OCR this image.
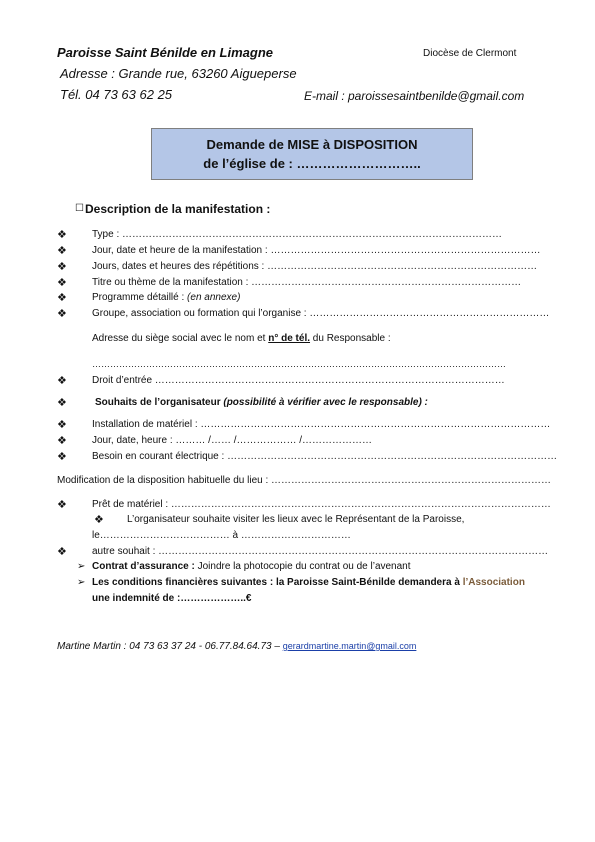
Paroisse Saint Bénilde en Limagne	Diocèse de Clermont
Adresse : Grande rue, 63260 Aigueperse
Tél. 04 73 63 62 25	E-mail : paroissesaintbenilde@gmail.com
Demande de MISE à DISPOSITION
de l’église de : ………………………..
☐ Description de la manifestation :
❖	Type : ……………………………………………………………………………………………………
❖	Jour, date et heure de la manifestation : ………………………………………………………………………
❖	Jours, dates et heures des répétitions : ………………………………………………………………………
❖	Titre ou thème de la manifestation : ………………………………………………………………………
❖	Programme détaillé : (en annexe)
❖	Groupe, association ou formation qui l’organise : ………………………………………………………………
Adresse du siège social avec le nom et n° de tél. du Responsable :
…………………………………………………………………………………………………………………………
❖	Droit d’entrée ……………………………………………………………………………………………
❖	Souhaits de l’organisateur (possibilité à vérifier avec le responsable) :
❖	Installation de matériel : ……………………………………………………………………………………………
❖	Jour, date, heure : ……… /…… /……………… /…………………
❖	Besoin en courant électrique : ………………………………………………………………………………………
Modification de la disposition habituelle du lieu : …………………………………………………………………………
❖	Prêt de matériel : ……………………………………………………………………………………………………
❖ L’organisateur souhaite visiter les lieux avec le Représentant de la Paroisse,
le………………………………… à ……………………………
❖	autre souhait : ………………………………………………………………………………………………………
➢ Contrat d’assurance : Joindre la photocopie du contrat ou de l’avenant
➢ Les conditions financières suivantes : la Paroisse Saint-Bénilde demandera à l’Association
une indemnité de :………………..€
Martine Martin : 04 73 63 37 24 - 06.77.84.64.73 – gerardmartine.martin@gmail.com
